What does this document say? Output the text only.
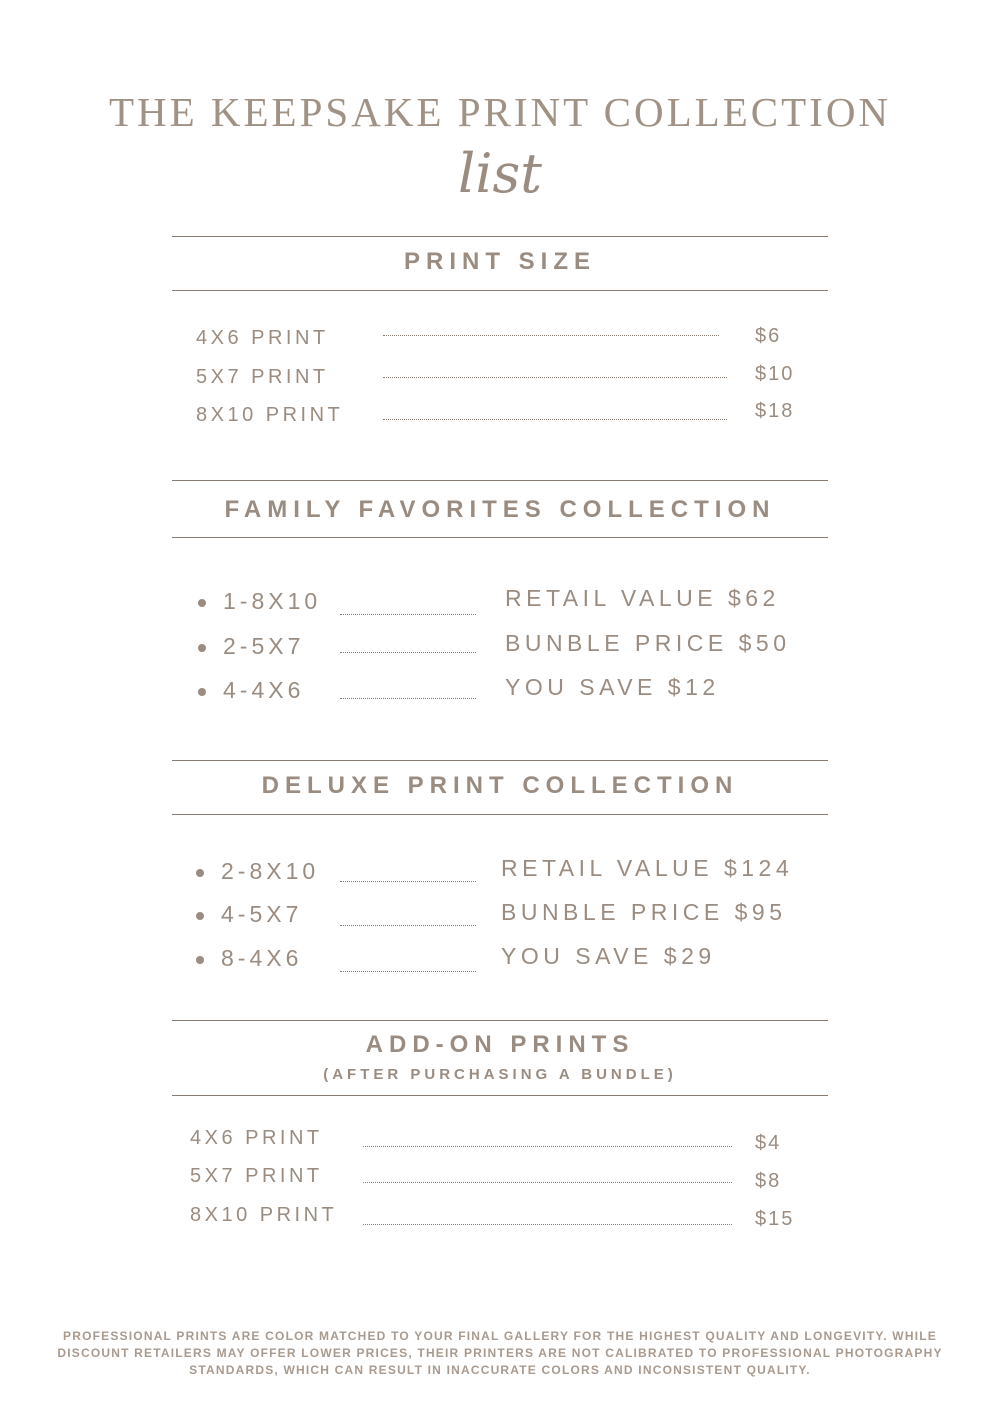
THE KEEPSAKE PRINT COLLECTION
list
PRINT SIZE
4X6 PRINT	$6
5X7 PRINT	$10
8X10 PRINT	$18
FAMILY FAVORITES COLLECTION
1-8X10	RETAIL VALUE $62
2-5X7	BUNBLE PRICE $50
4-4X6	YOU SAVE $12
DELUXE PRINT COLLECTION
2-8X10	RETAIL VALUE $124
4-5X7	BUNBLE PRICE $95
8-4X6	YOU SAVE $29
ADD-ON PRINTS
(AFTER PURCHASING A BUNDLE)
4X6 PRINT	$4
5X7 PRINT	$8
8X10 PRINT	$15
PROFESSIONAL PRINTS ARE COLOR MATCHED TO YOUR FINAL GALLERY FOR THE HIGHEST QUALITY AND LONGEVITY. WHILE DISCOUNT RETAILERS MAY OFFER LOWER PRICES, THEIR PRINTERS ARE NOT CALIBRATED TO PROFESSIONAL PHOTOGRAPHY STANDARDS, WHICH CAN RESULT IN INACCURATE COLORS AND INCONSISTENT QUALITY.
